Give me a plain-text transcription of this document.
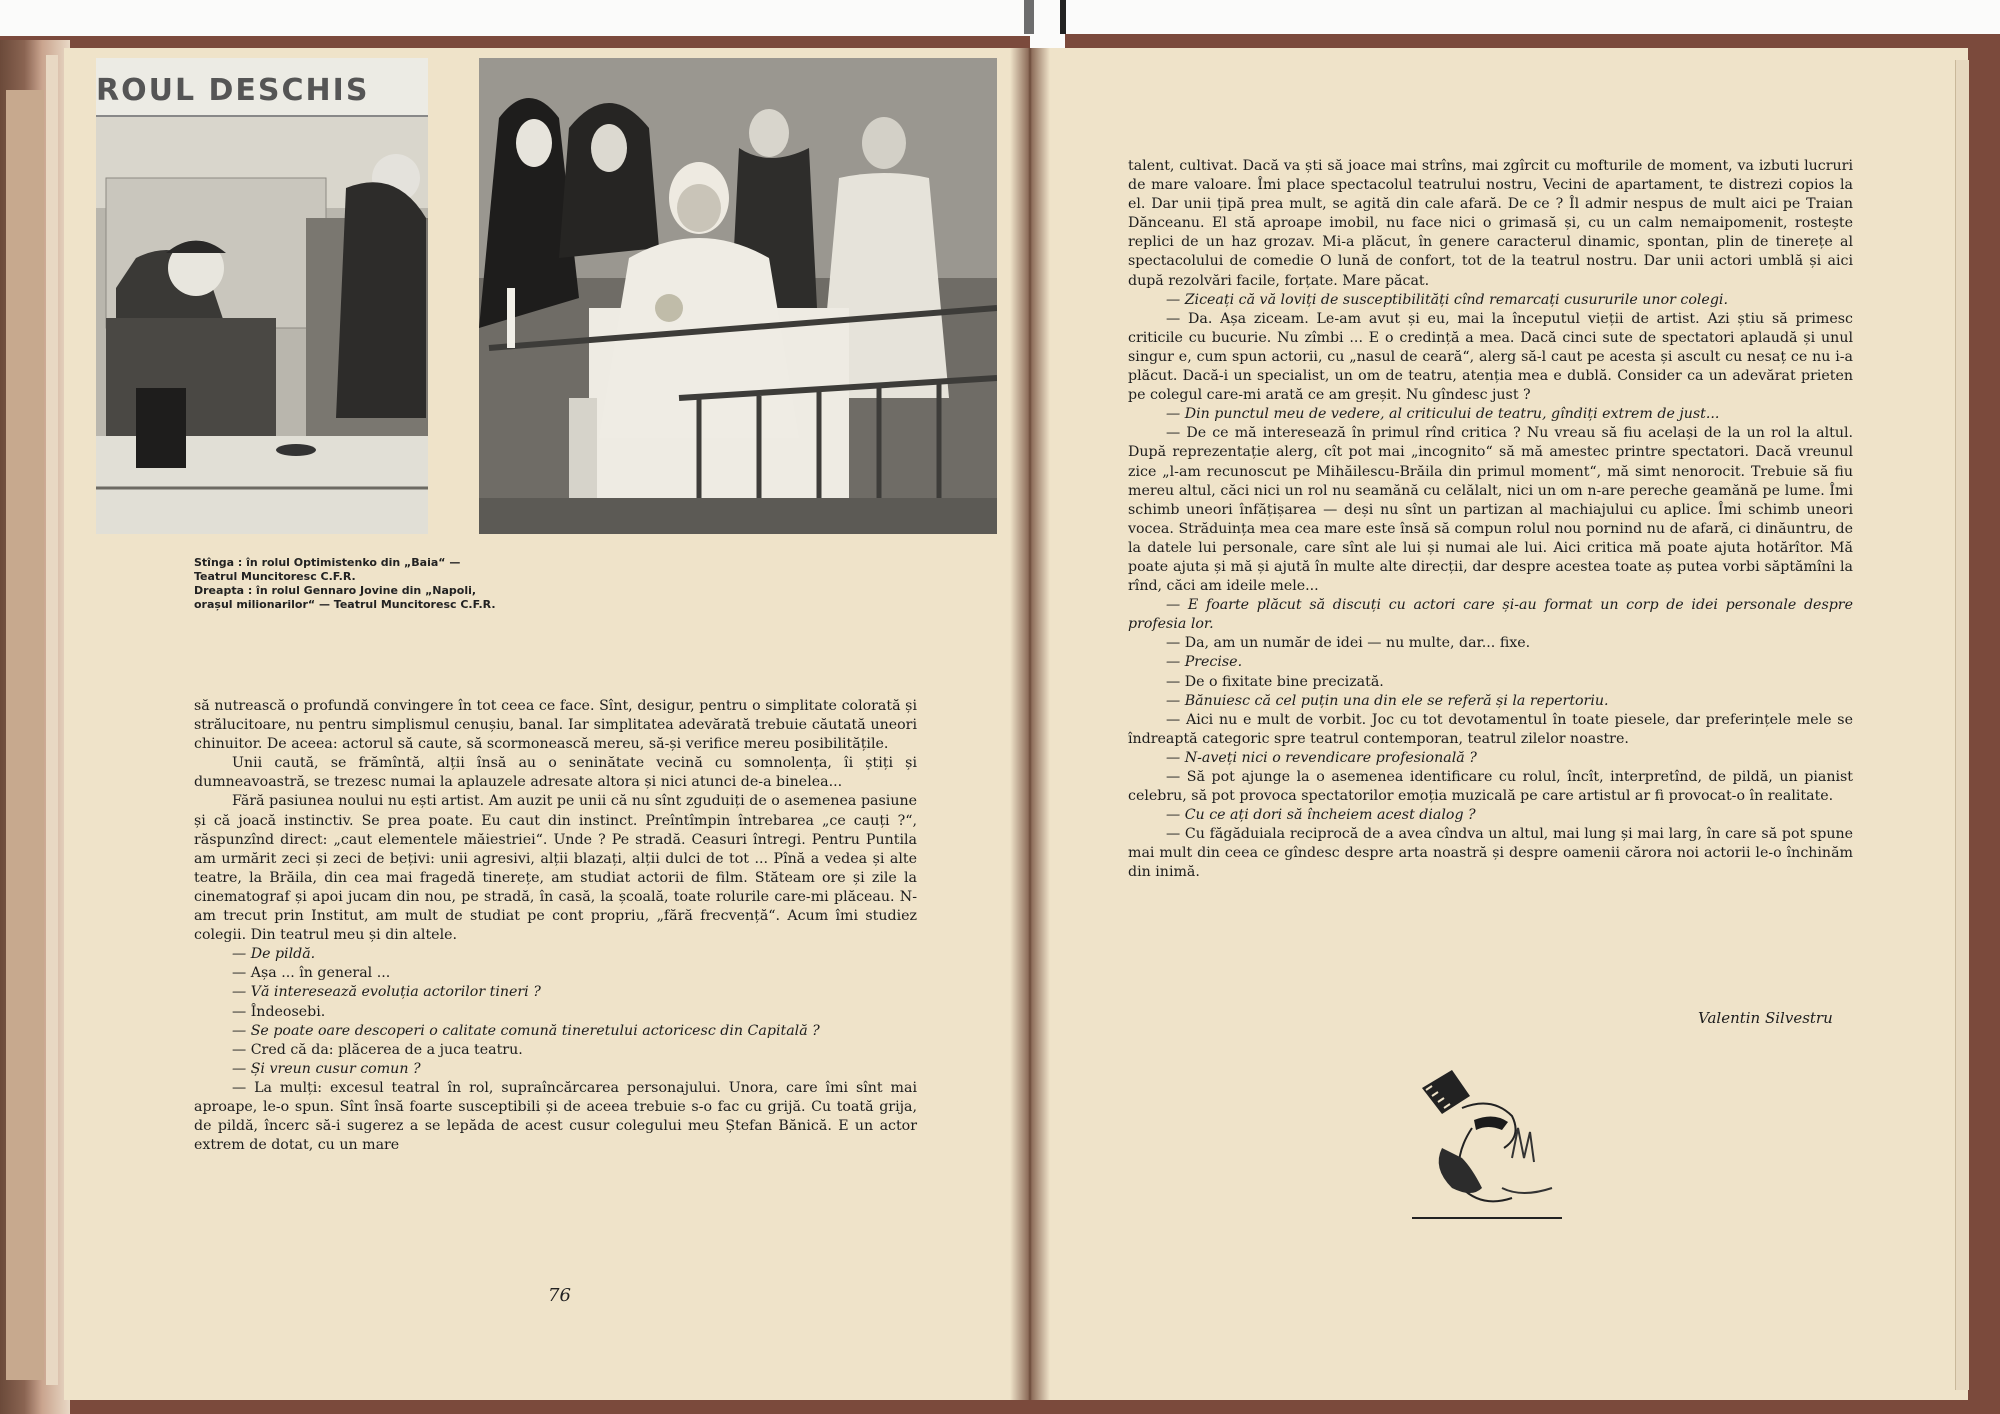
ROUL DESCHIS
Stînga : în rolul Optimistenko din „Baia“ —
Teatrul Muncitoresc C.F.R.
Dreapta : în rolul Gennaro Jovine din „Napoli,
orașul milionarilor“ — Teatrul Muncitoresc C.F.R.

să nutrească o profundă convingere în tot ceea ce face. Sînt, desigur, pentru o simplitate colorată și strălucitoare, nu pentru simplismul cenușiu, banal. Iar simplitatea adevărată trebuie căutată uneori chinuitor. De aceea: actorul să caute, să scormonească mereu, să-și verifice mereu posibilitățile.

Unii caută, se frămîntă, alții însă au o seninătate vecină cu somnolența, îi știți și dumneavoastră, se trezesc numai la aplauzele adresate altora și nici atunci de-a binelea...

Fără pasiunea noului nu ești artist. Am auzit pe unii că nu sînt zguduiți de o asemenea pasiune și că joacă instinctiv. Se prea poate. Eu caut din instinct. Preîntîmpin întrebarea „ce cauți ?“, răspunzînd direct: „caut elementele măiestriei“. Unde ? Pe stradă. Ceasuri întregi. Pentru Puntila am urmărit zeci și zeci de bețivi: unii agresivi, alții blazați, alții dulci de tot ... Pînă a vedea și alte teatre, la Brăila, din cea mai fragedă tinerețe, am studiat actorii de film. Stăteam ore și zile la cinematograf și apoi jucam din nou, pe stradă, în casă, la școală, toate rolurile care-mi plăceau. N-am trecut prin Institut, am mult de studiat pe cont propriu, „fără frecvență“. Acum îmi studiez colegii. Din teatrul meu și din altele.

— De pildă.

— Așa ... în general ...

— Vă interesează evoluția actorilor tineri ?

— Îndeosebi.

— Se poate oare descoperi o calitate comună tineretului actoricesc din Capitală ?

— Cred că da: plăcerea de a juca teatru.

— Și vreun cusur comun ?

— La mulți: excesul teatral în rol, supraîncărcarea personajului. Unora, care îmi sînt mai aproape, le-o spun. Sînt însă foarte susceptibili și de aceea trebuie s-o fac cu grijă. Cu toată grija, de pildă, încerc să-i sugerez a se lepăda de acest cusur colegului meu Ștefan Bănică. E un actor extrem de dotat, cu un mare

76

talent, cultivat. Dacă va ști să joace mai strîns, mai zgîrcit cu mofturile de moment, va izbuti lucruri de mare valoare. Îmi place spectacolul teatrului nostru, Vecini de apartament, te distrezi copios la el. Dar unii țipă prea mult, se agită din cale afară. De ce ? Îl admir nespus de mult aici pe Traian Dănceanu. El stă aproape imobil, nu face nici o grimasă și, cu un calm nemaipomenit, rostește replici de un haz grozav. Mi-a plăcut, în genere caracterul dinamic, spontan, plin de tinerețe al spectacolului de comedie O lună de confort, tot de la teatrul nostru. Dar unii actori umblă și aici după rezolvări facile, forțate. Mare păcat.

— Ziceați că vă loviți de susceptibilități cînd remarcați cusururile unor colegi.

— Da. Așa ziceam. Le-am avut și eu, mai la începutul vieții de artist. Azi știu să primesc criticile cu bucurie. Nu zîmbi ... E o credință a mea. Dacă cinci sute de spectatori aplaudă și unul singur e, cum spun actorii, cu „nasul de ceară“, alerg să-l caut pe acesta și ascult cu nesaț ce nu i-a plăcut. Dacă-i un specialist, un om de teatru, atenția mea e dublă. Consider ca un adevărat prieten pe colegul care-mi arată ce am greșit. Nu gîndesc just ?

— Din punctul meu de vedere, al criticului de teatru, gîndiți extrem de just...

— De ce mă interesează în primul rînd critica ? Nu vreau să fiu același de la un rol la altul. După reprezentație alerg, cît pot mai „incognito“ să mă amestec printre spectatori. Dacă vreunul zice „l-am recunoscut pe Mihăilescu-Brăila din primul moment“, mă simt nenorocit. Trebuie să fiu mereu altul, căci nici un rol nu seamănă cu celălalt, nici un om n-are pereche geamănă pe lume. Îmi schimb uneori înfățișarea — deși nu sînt un partizan al machiajului cu aplice. Îmi schimb uneori vocea. Străduința mea cea mare este însă să compun rolul nou pornind nu de afară, ci dinăuntru, de la datele lui personale, care sînt ale lui și numai ale lui. Aici critica mă poate ajuta hotărîtor. Mă poate ajuta și mă și ajută în multe alte direcții, dar despre acestea toate aș putea vorbi săptămîni la rînd, căci am ideile mele...

— E foarte plăcut să discuți cu actori care și-au format un corp de idei personale despre profesia lor.

— Da, am un număr de idei — nu multe, dar... fixe.

— Precise.

— De o fixitate bine precizată.

— Bănuiesc că cel puțin una din ele se referă și la repertoriu.

— Aici nu e mult de vorbit. Joc cu tot devotamentul în toate piesele, dar preferințele mele se îndreaptă categoric spre teatrul contemporan, teatrul zilelor noastre.

— N-aveți nici o revendicare profesională ?

— Să pot ajunge la o asemenea identificare cu rolul, încît, interpretînd, de pildă, un pianist celebru, să pot provoca spectatorilor emoția muzicală pe care artistul ar fi provocat-o în realitate.

— Cu ce ați dori să încheiem acest dialog ?

— Cu făgăduiala reciprocă de a avea cîndva un altul, mai lung și mai larg, în care să pot spune mai mult din ceea ce gîndesc despre arta noastră și despre oamenii cărora noi actorii le-o închinăm din inimă.

Valentin Silvestru
